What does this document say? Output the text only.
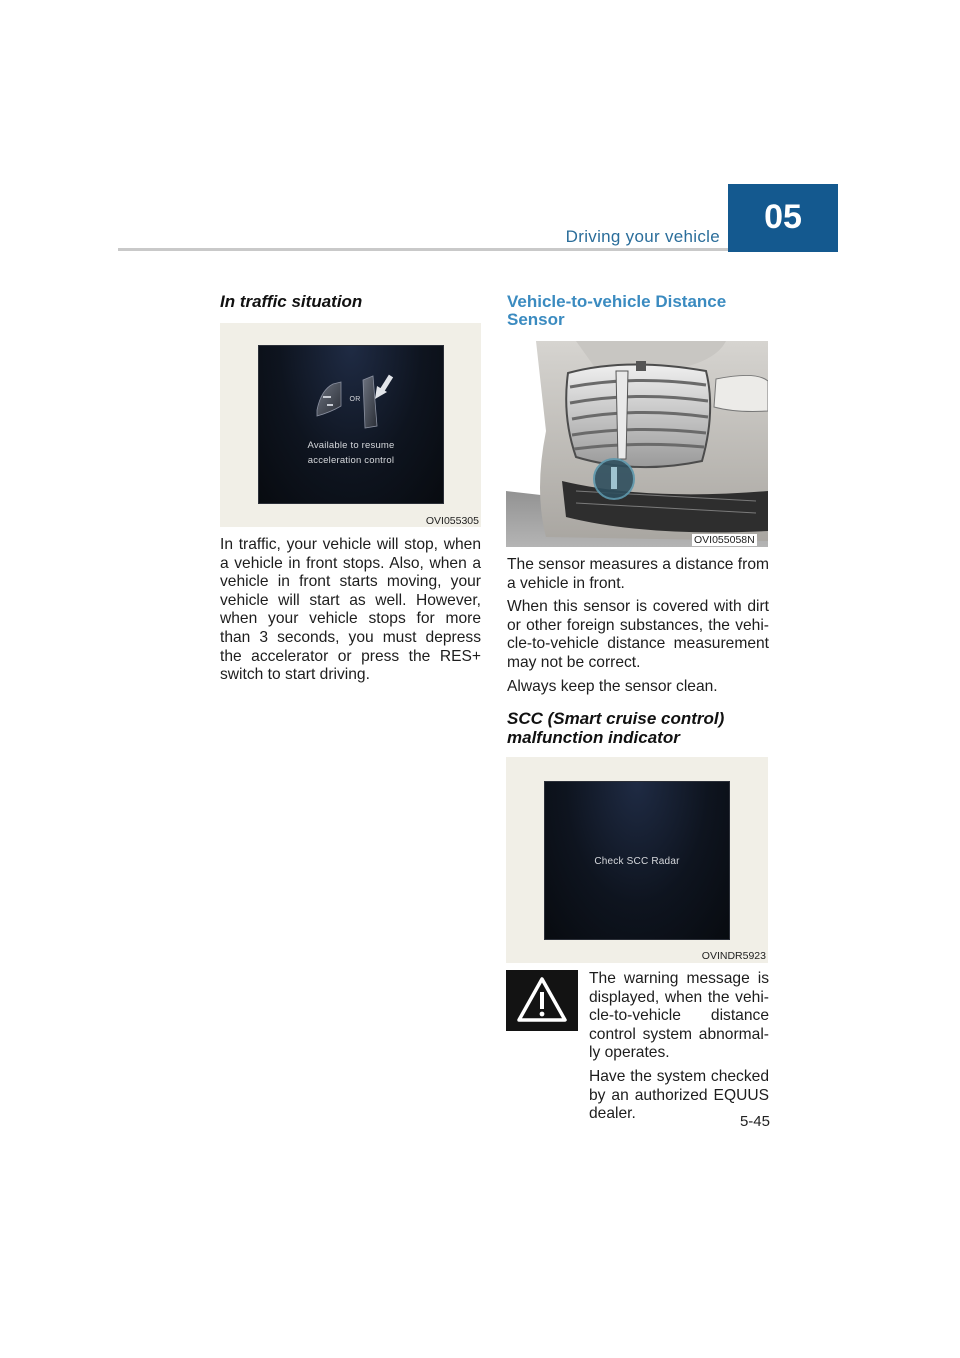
Driving your vehicle
05
In traffic situation
OR
Available to resume
acceleration control
OVI055305
In traffic, your vehicle will stop, when a vehicle in front stops. Also, when a vehicle in front starts moving, your vehicle will start as well. However, when your vehicle stops for more than 3 seconds, you must depress the accelerator or press the RES+ switch to start driving.
Vehicle-to-vehicle Distance Sensor
OVI055058N

The sensor measures a distance from a vehicle in front.

When this sensor is covered with dirt or other foreign substances, the vehi-cle-to-vehicle distance measurement may not be correct.

Always keep the sensor clean.

SCC (Smart cruise control)
malfunction indicator
Check SCC Radar
OVINDR5923

The warning message is displayed, when the vehi-cle-to-vehicle distance control system abnormal-ly operates.

Have the system checked by an authorized EQUUS dealer.	5-45
